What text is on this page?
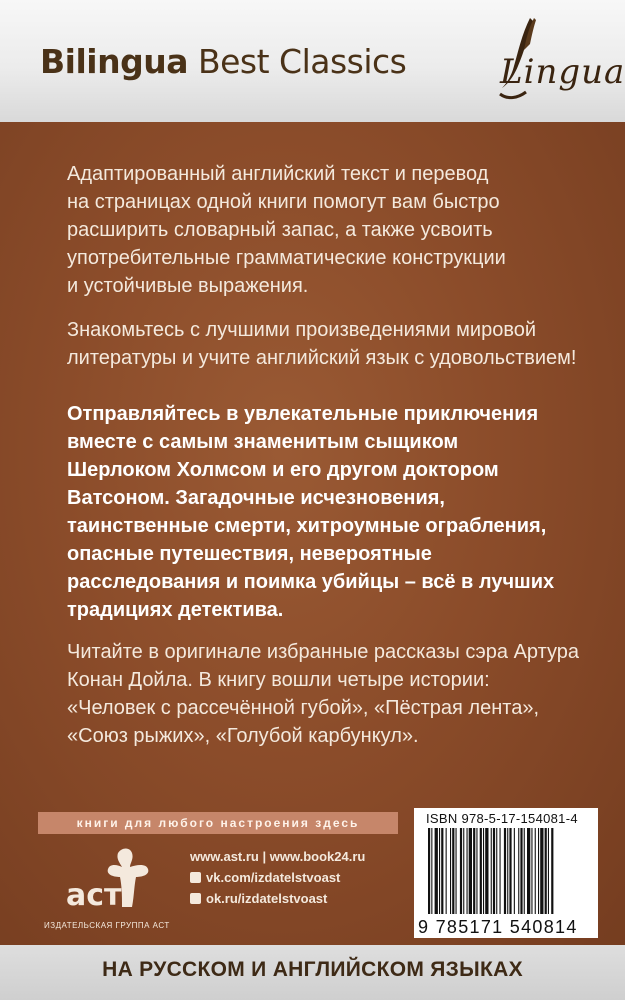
Bilingua Best Classics	Lingua
Адаптированный английский текст и перевод
на страницах одной книги помогут вам быстро
расширить словарный запас, а также усвоить
употребительные грамматические конструкции
и устойчивые выражения.
Знакомьтесь с лучшими произведениями мировой
литературы и учите английский язык с удовольствием!
Отправляйтесь в увлекательные приключения
вместе с самым знаменитым сыщиком
Шерлоком Холмсом и его другом доктором
Ватсоном. Загадочные исчезновения,
таинственные смерти, хитроумные ограбления,
опасные путешествия, невероятные
расследования и поимка убийцы – всё в лучших
традициях детектива.
Читайте в оригинале избранные рассказы сэра Артура
Конан Дойла. В книгу вошли четыре истории:
«Человек с рассечённой губой», «Пёстрая лента»,
«Союз рыжих», «Голубой карбункул».
книги для любого настроения здесь
аст
ИЗДАТЕЛЬСКАЯ ГРУППА АСТ
www.ast.ru | www.book24.ru
vk.com/izdatelstvoast
ok.ru/izdatelstvoast
ISBN 978-5-17-154081-4
9 785171 540814
НА РУССКОМ И АНГЛИЙСКОМ ЯЗЫКАХ
